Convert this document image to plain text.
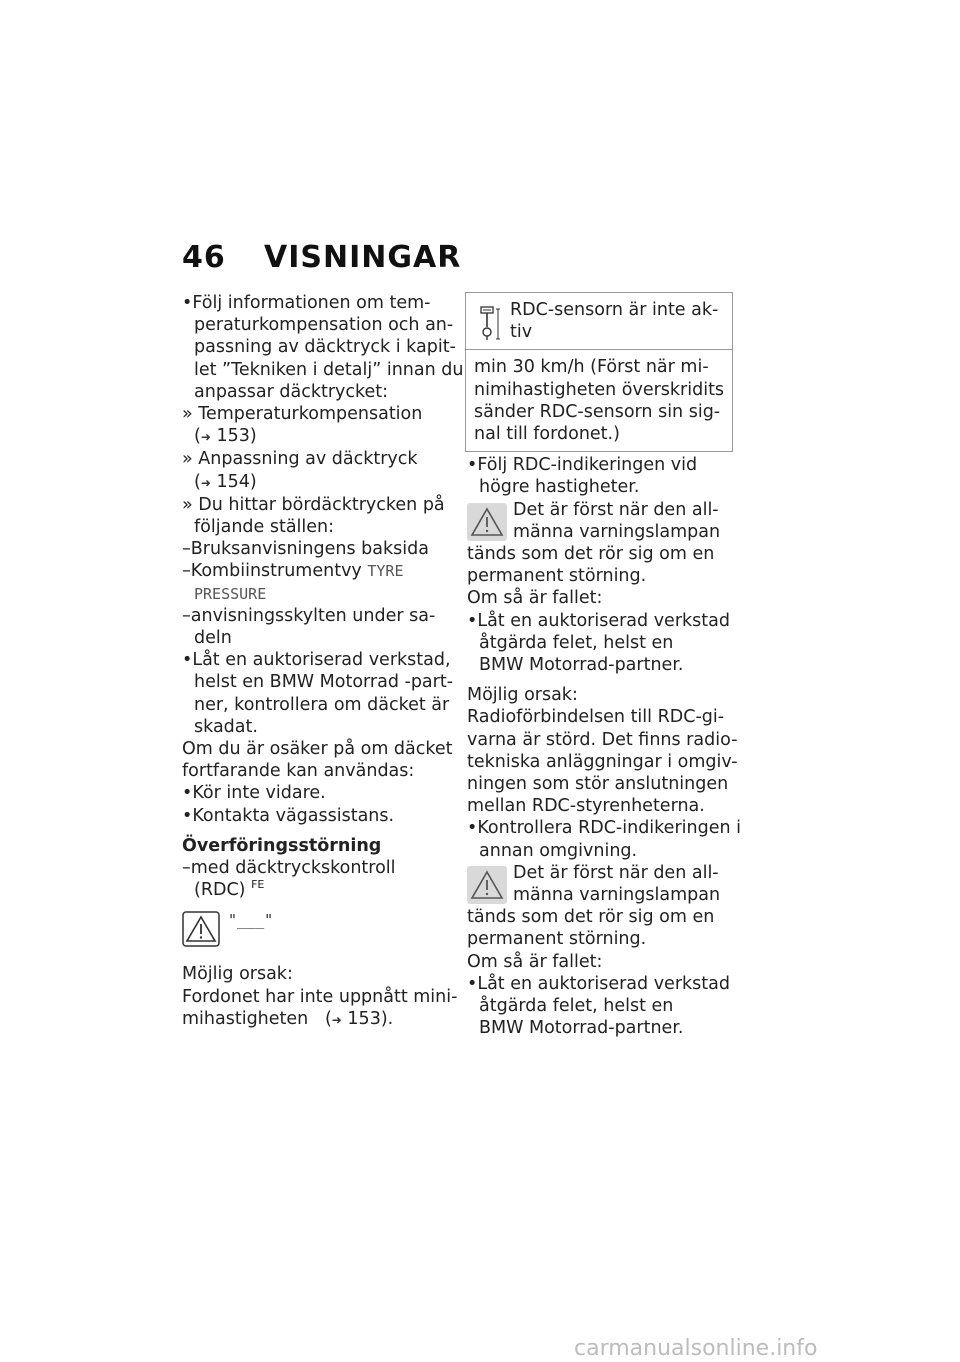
46 VISNINGAR
•Följ informationen om tem-
peraturkompensation och an-
passning av däcktryck i kapit-
let ”Tekniken i detalj” innan du
anpassar däcktrycket:
» Temperaturkompensation
(➜ 153)
» Anpassning av däcktryck
(➜ 154)
» Du hittar bördäcktrycken på
följande ställen:
–Bruksanvisningens baksida
–Kombiinstrumentvy TYRE
PRESSURE
–anvisningsskylten under sa-
deln
•Låt en auktoriserad verkstad,
helst en BMW Motorrad -part-
ner, kontrollera om däcket är
skadat.
Om du är osäker på om däcket
fortfarande kan användas:
•Kör inte vidare.
•Kontakta vägassistans.
Överföringsstörning
–med däcktryckskontroll
(RDC) $^{FE}$
"___"
Möjlig orsak:
Fordonet har inte uppnått mini-
mihastigheten   (➜ 153).
RDC-sensorn är inte ak-
tiv
min 30 km/h (Först när mi-
nimihastigheten överskridits
sänder RDC-sensorn sin sig-
nal till fordonet.)
•Följ RDC-indikeringen vid
högre hastigheter.
Det är först när den all-
männa varningslampan
tänds som det rör sig om en
permanent störning.
Om så är fallet:
•Låt en auktoriserad verkstad
åtgärda felet, helst en
BMW Motorrad-partner.
Möjlig orsak:
Radioförbindelsen till RDC-gi-
varna är störd. Det finns radio-
tekniska anläggningar i omgiv-
ningen som stör anslutningen
mellan RDC-styrenheterna.
•Kontrollera RDC-indikeringen i
annan omgivning.
Det är först när den all-
männa varningslampan
tänds som det rör sig om en
permanent störning.
Om så är fallet:
•Låt en auktoriserad verkstad
åtgärda felet, helst en
BMW Motorrad-partner.
carmanualsonline.info
